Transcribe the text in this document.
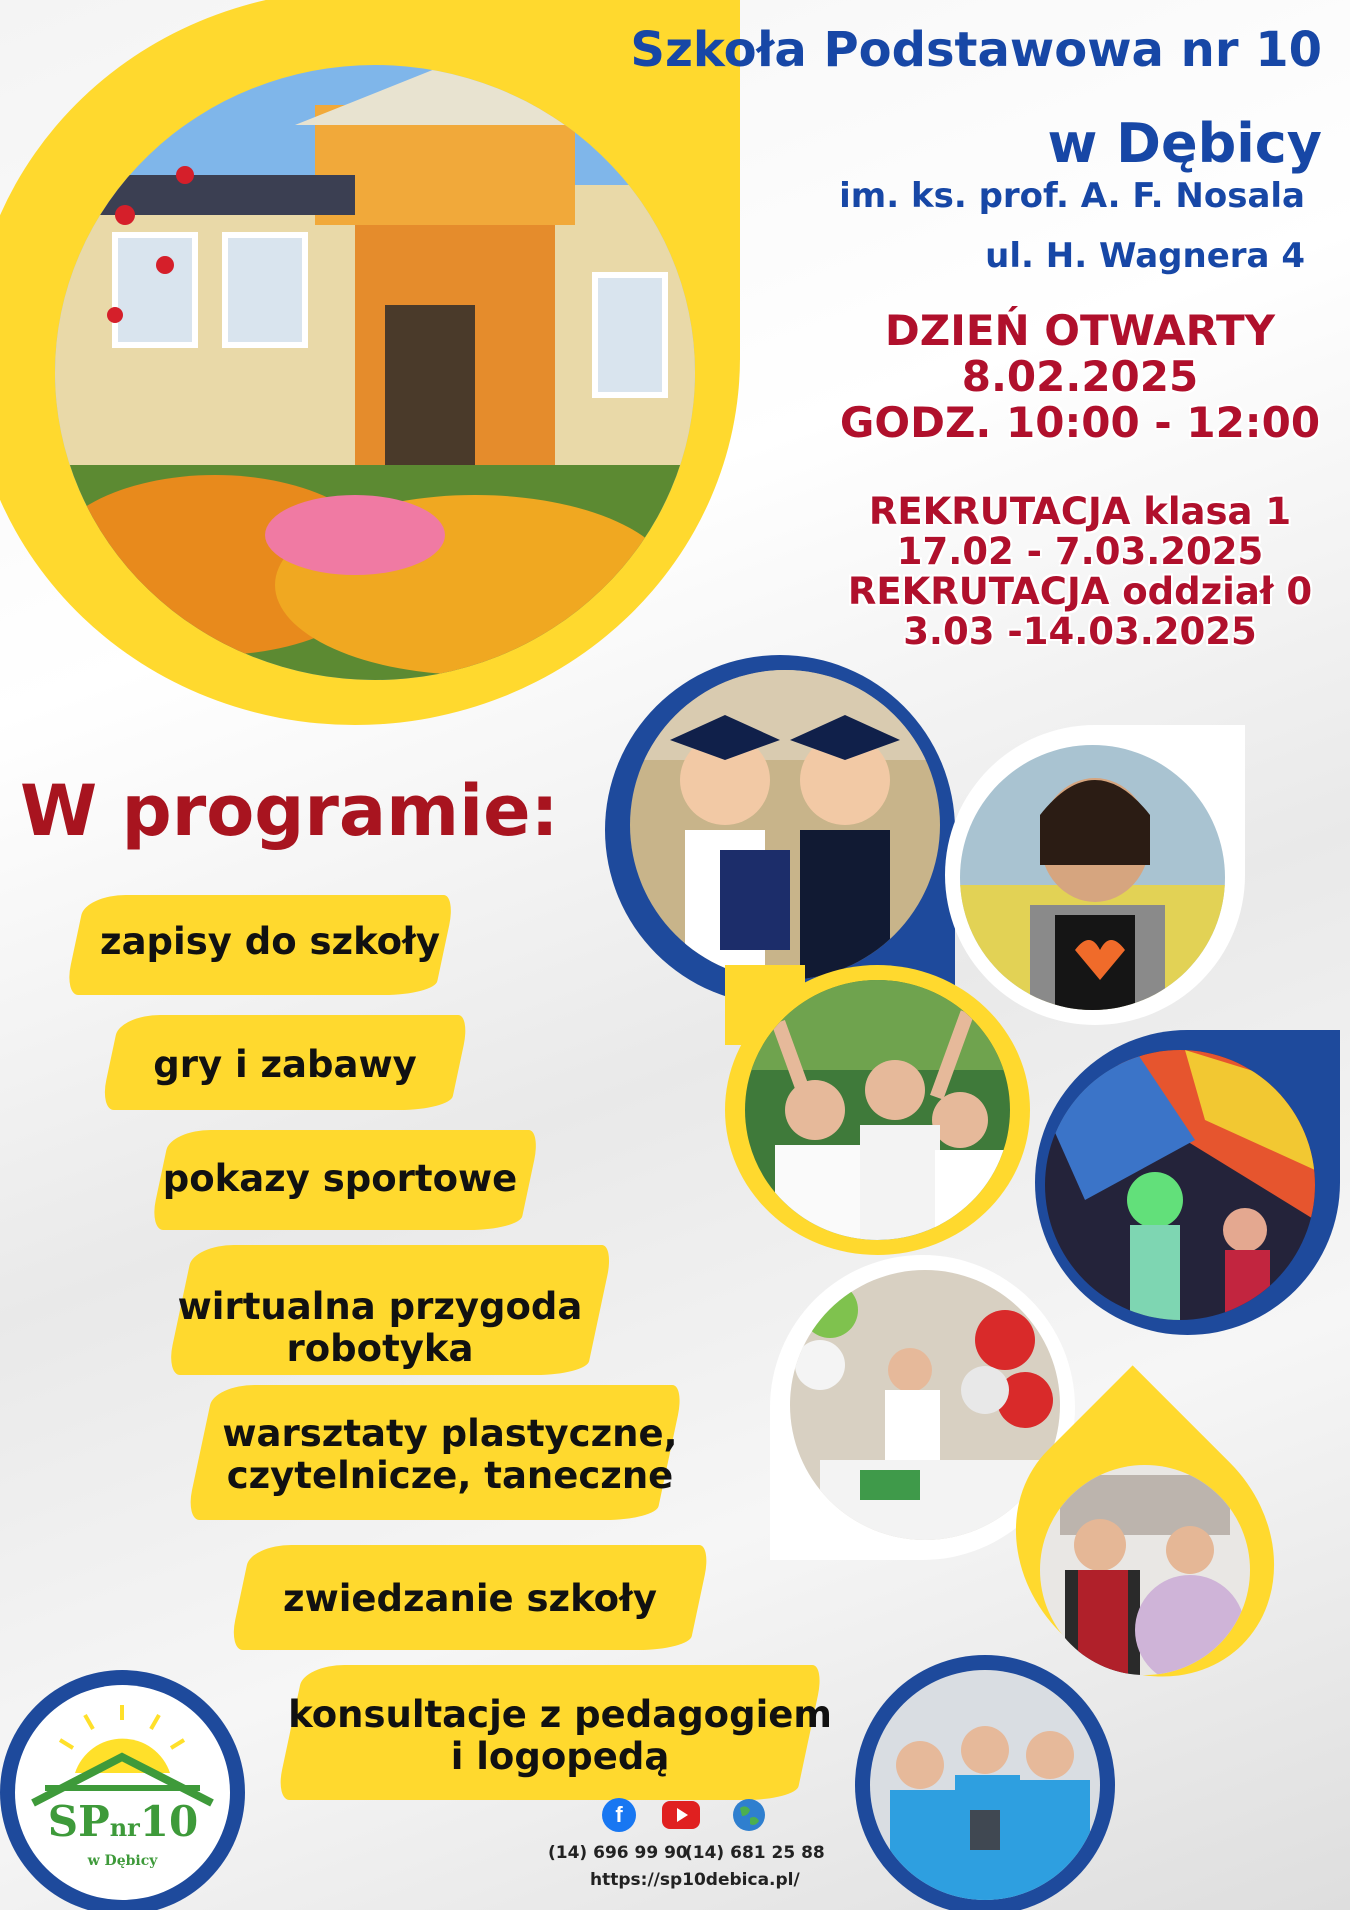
Szkoła Podstawowa nr 10
w Dębicy
im. ks. prof. A. F. Nosala
ul. H. Wagnera 4
DZIEŃ OTWARTY
8.02.2025
GODZ. 10:00 - 12:00
REKRUTACJA klasa 1
17.02 - 7.03.2025
REKRUTACJA oddział 0
3.03 -14.03.2025
W programie:
zapisy do szkoły
gry i zabawy
pokazy sportowe
wirtualna przygoda
robotyka
warsztaty plastyczne,
czytelnicze, taneczne
zwiedzanie szkoły
konsultacje z pedagogiem
i logopedą
SPnr10
w Dębicy
f
(14) 696 99 90
(14) 681 25 88
https://sp10debica.pl/
